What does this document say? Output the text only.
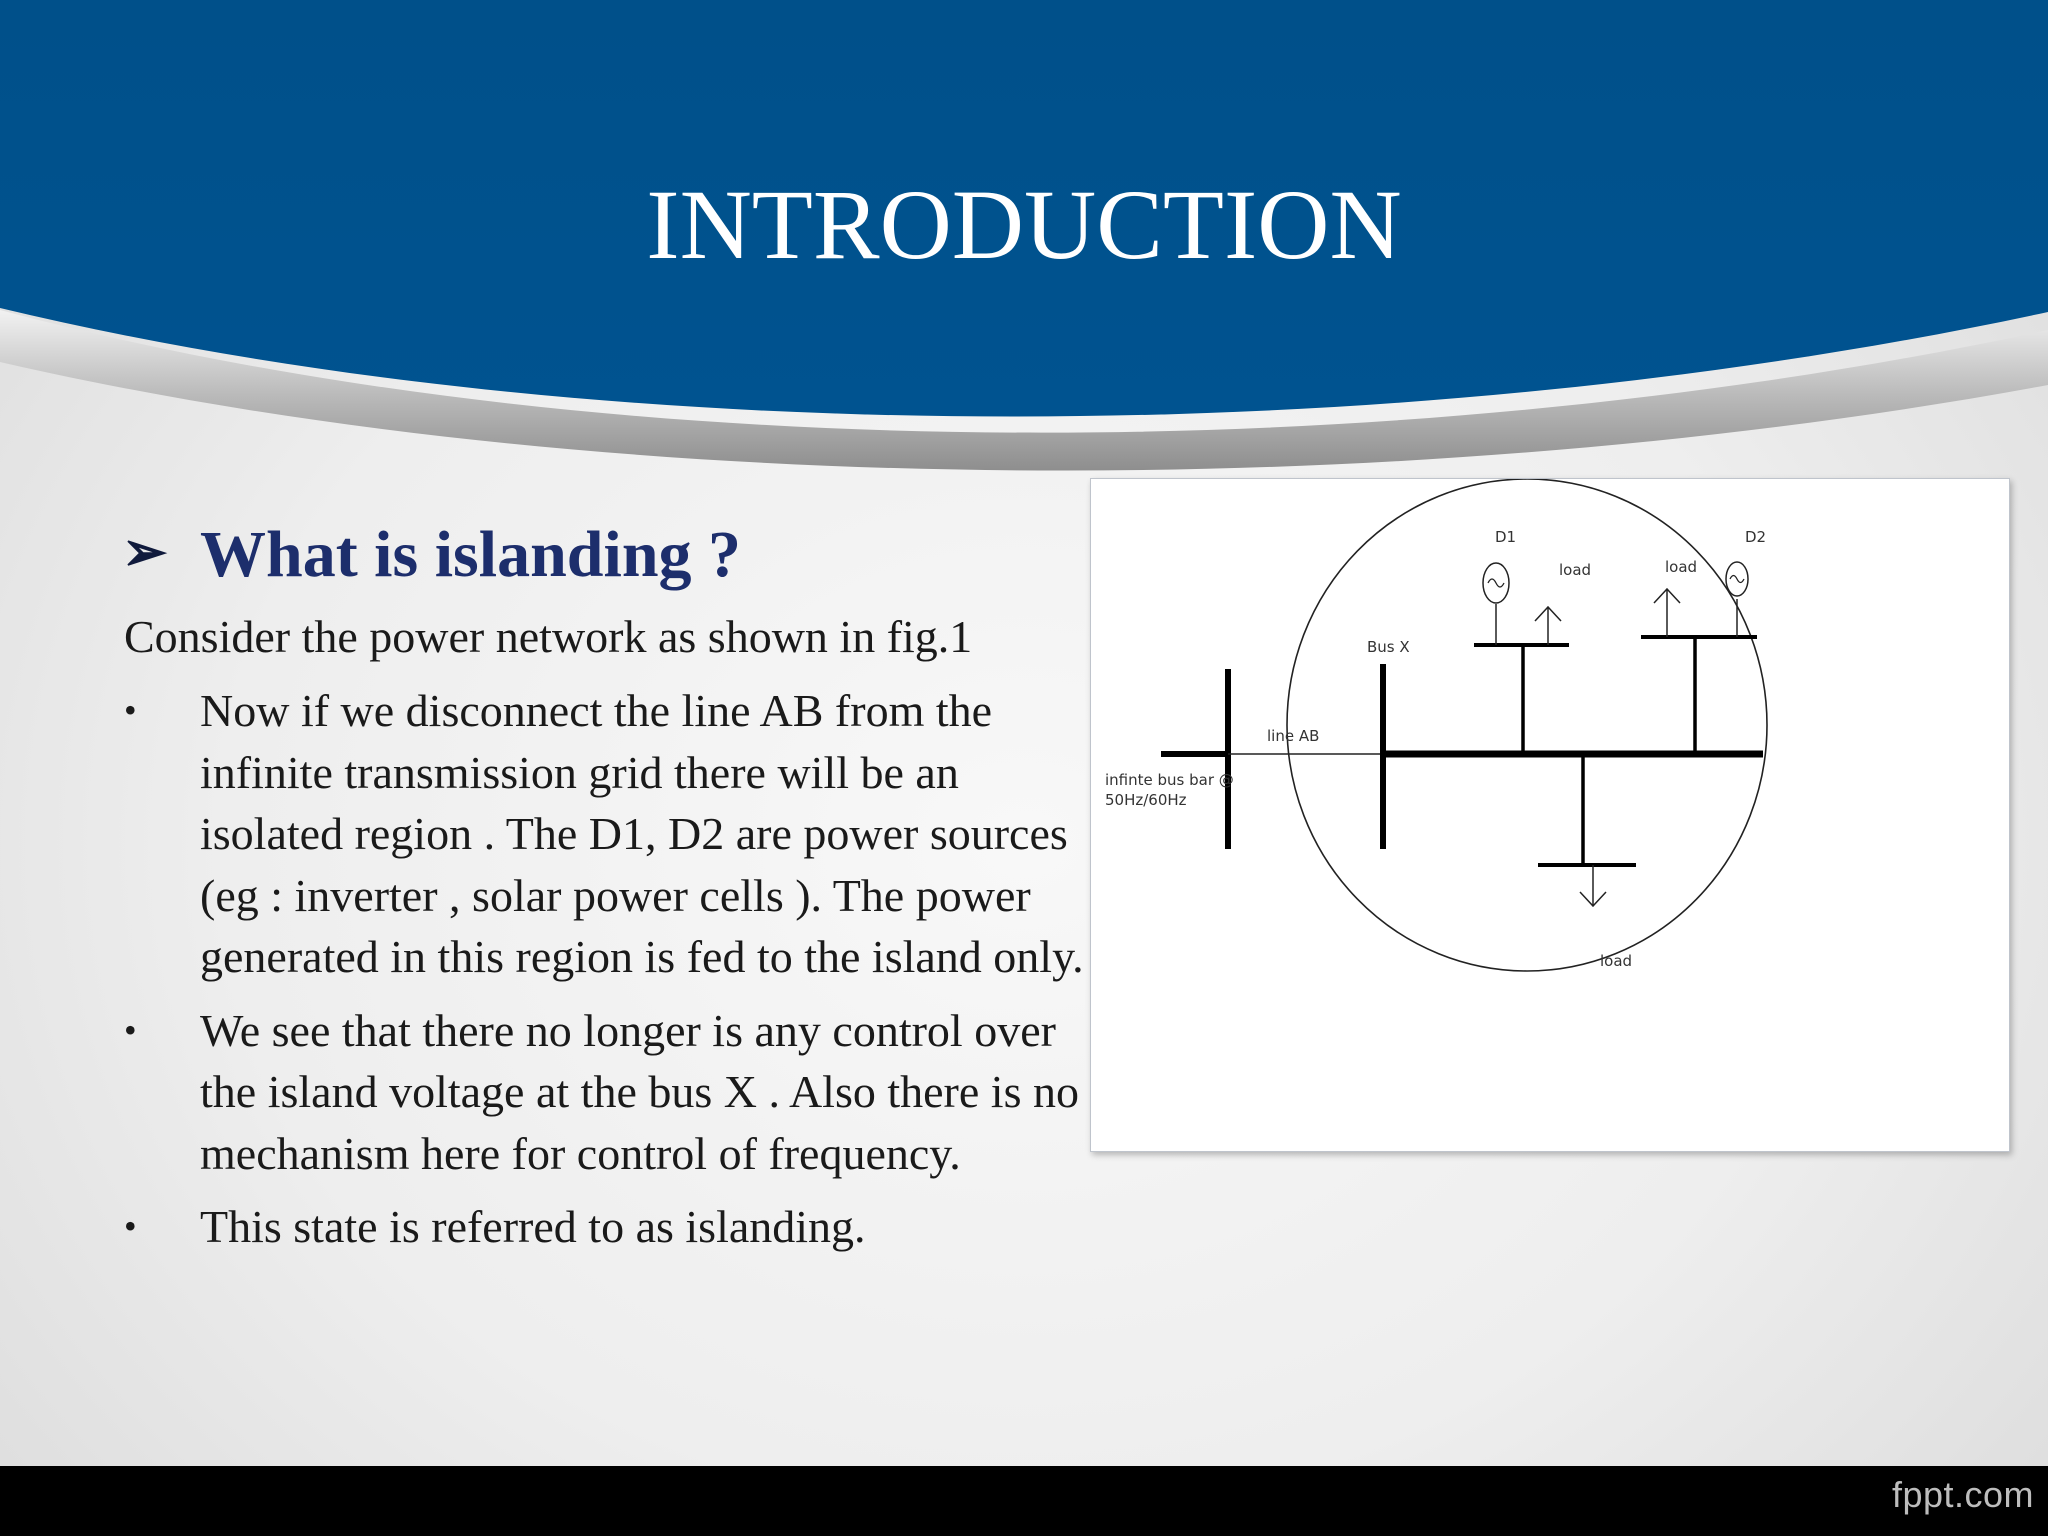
INTRODUCTION
➢ What is islanding ?

Consider the power network as shown in fig.1

•	Now if we disconnect the line AB from the infinite transmission grid there will be an isolated region . The D1, D2 are power sources (eg : inverter , solar power cells ). The power generated in this region is fed to the island only.
•	We see that there no longer is any control over the island voltage at the bus X . Also there is no mechanism here for control of frequency.
•	This state is referred to as islanding.
infinte bus bar @
50Hz/60Hz
line AB
Bus X
D1	D2
load	load
load
fppt.com
